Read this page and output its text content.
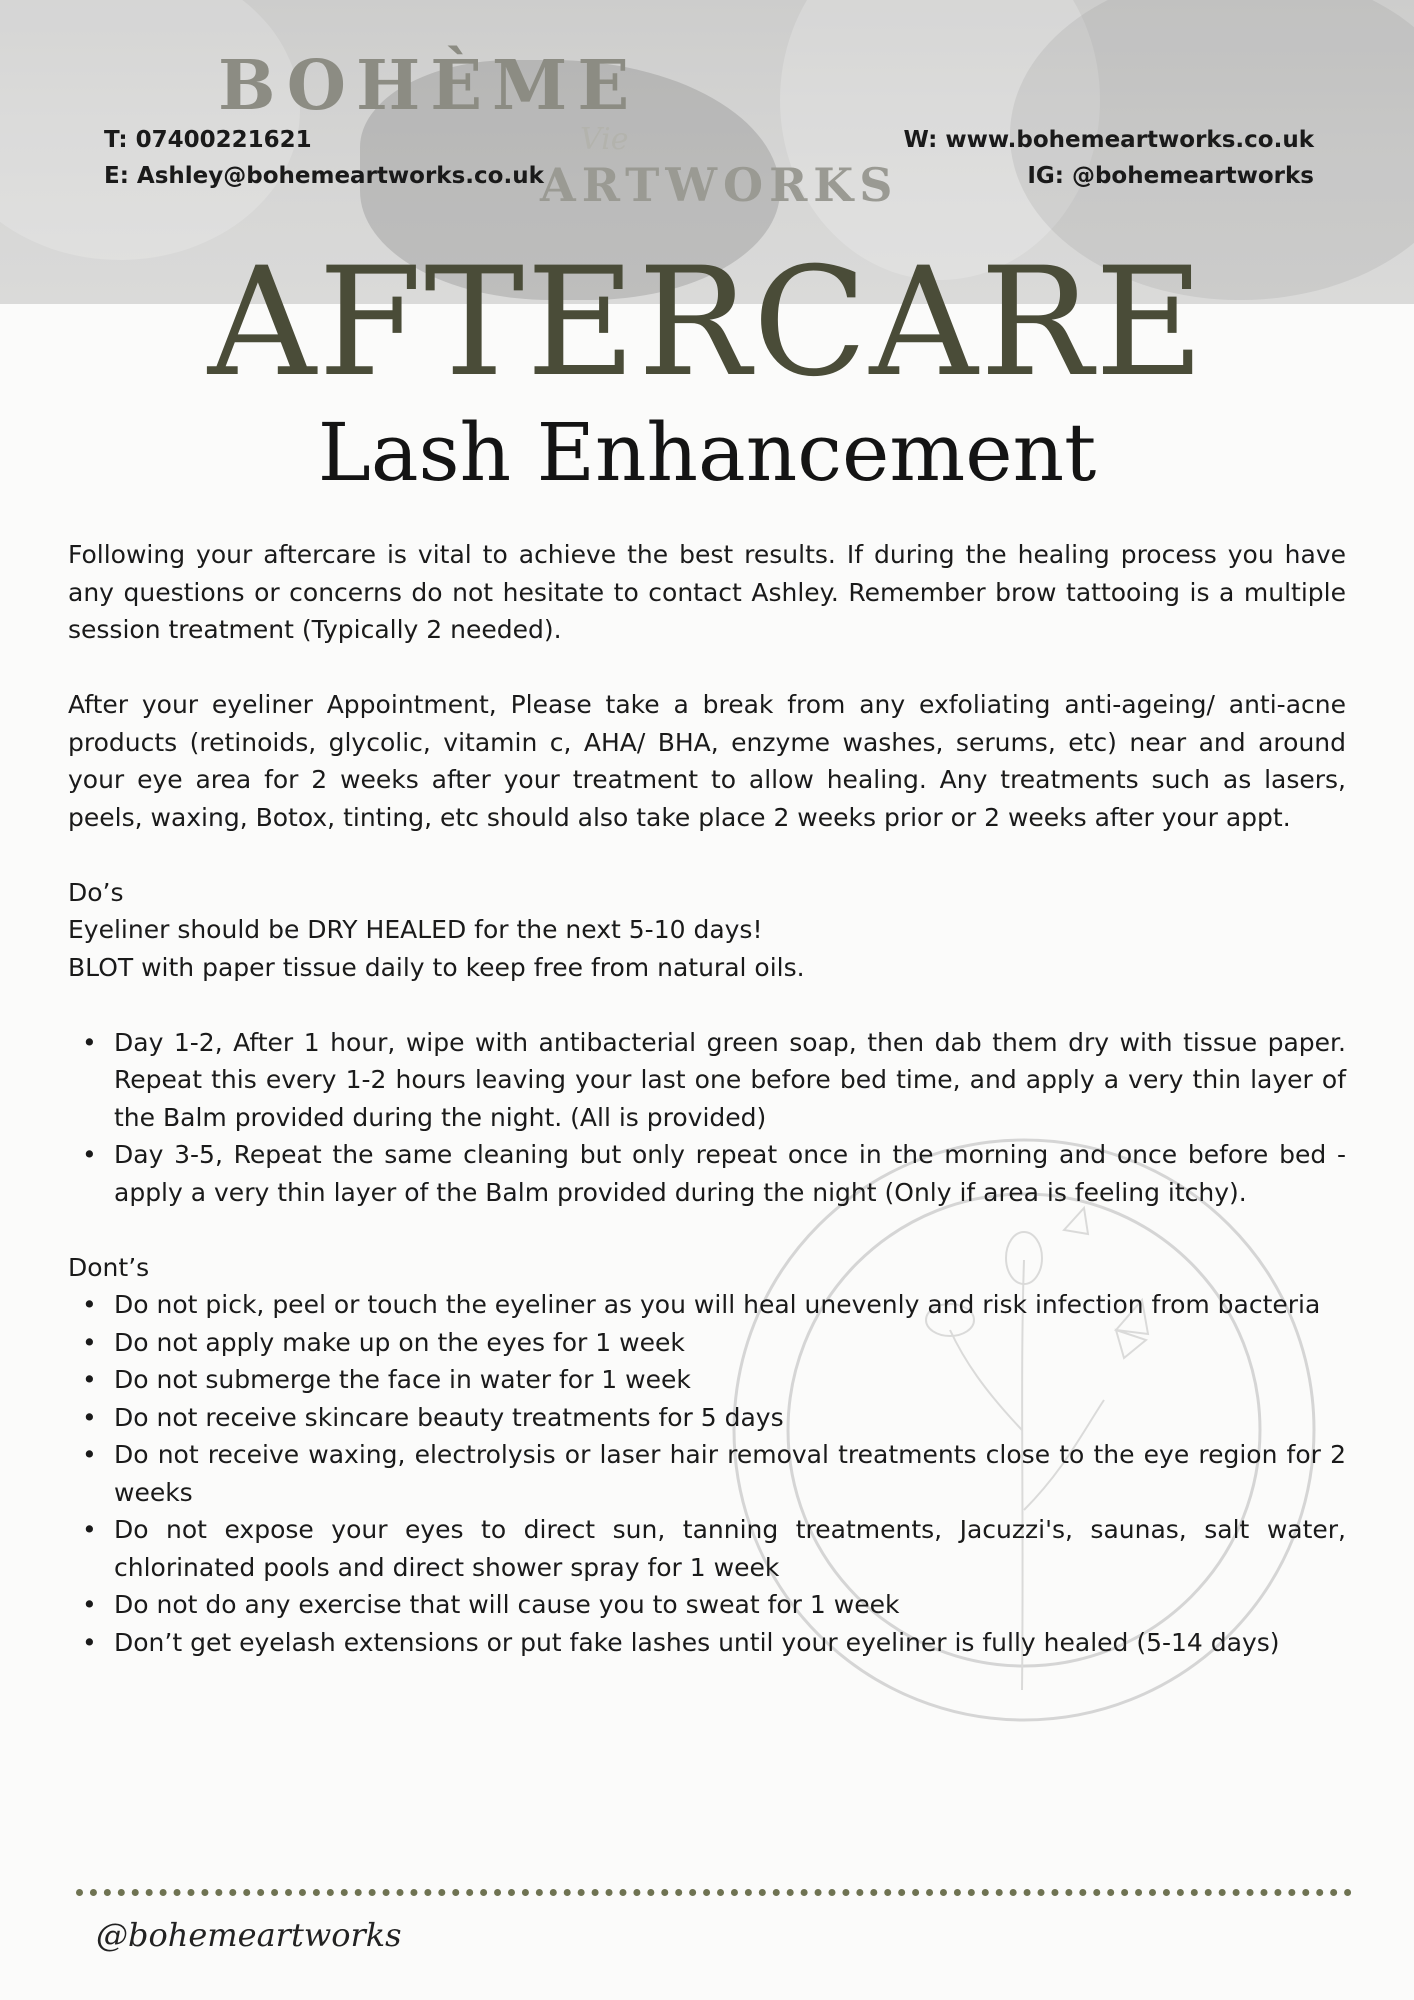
BOHÈME
Vie
ARTWORKS
T: 07400221621
E: Ashley@bohemeartworks.co.uk
W: www.bohemeartworks.co.uk
IG: @bohemeartworks
AFTERCARE
Lash Enhancement

Following your aftercare is vital to achieve the best results. If during the healing process you have any questions or concerns do not hesitate to contact Ashley. Remember brow tattooing is a multiple session treatment (Typically 2 needed).

After your eyeliner Appointment, Please take a break from any exfoliating anti-ageing/ anti-acne products (retinoids, glycolic, vitamin c, AHA/ BHA, enzyme washes, serums, etc) near and around your eye area for 2 weeks after your treatment to allow healing. Any treatments such as lasers, peels, waxing, Botox, tinting, etc should also take place 2 weeks prior or 2 weeks after your appt.

Do’s

Eyeliner should be DRY HEALED for the next 5-10 days!

BLOT with paper tissue daily to keep free from natural oils.

• Day 1-2, After 1 hour, wipe with antibacterial green soap, then dab them dry with tissue paper. Repeat this every 1-2 hours leaving your last one before bed time, and apply a very thin layer of the Balm provided during the night. (All is provided)
• Day 3-5, Repeat the same cleaning but only repeat once in the morning and once before bed - apply a very thin layer of the Balm provided during the night (Only if area is feeling itchy).

Dont’s

• Do not pick, peel or touch the eyeliner as you will heal unevenly and risk infection from bacteria
• Do not apply make up on the eyes for 1 week
• Do not submerge the face in water for 1 week
• Do not receive skincare beauty treatments for 5 days
• Do not receive waxing, electrolysis or laser hair removal treatments close to the eye region for 2 weeks
• Do not expose your eyes to direct sun, tanning treatments, Jacuzzi's, saunas, salt water, chlorinated pools and direct shower spray for 1 week
• Do not do any exercise that will cause you to sweat for 1 week
• Don’t get eyelash extensions or put fake lashes until your eyeliner is fully healed (5-14 days)
@bohemeartworks
